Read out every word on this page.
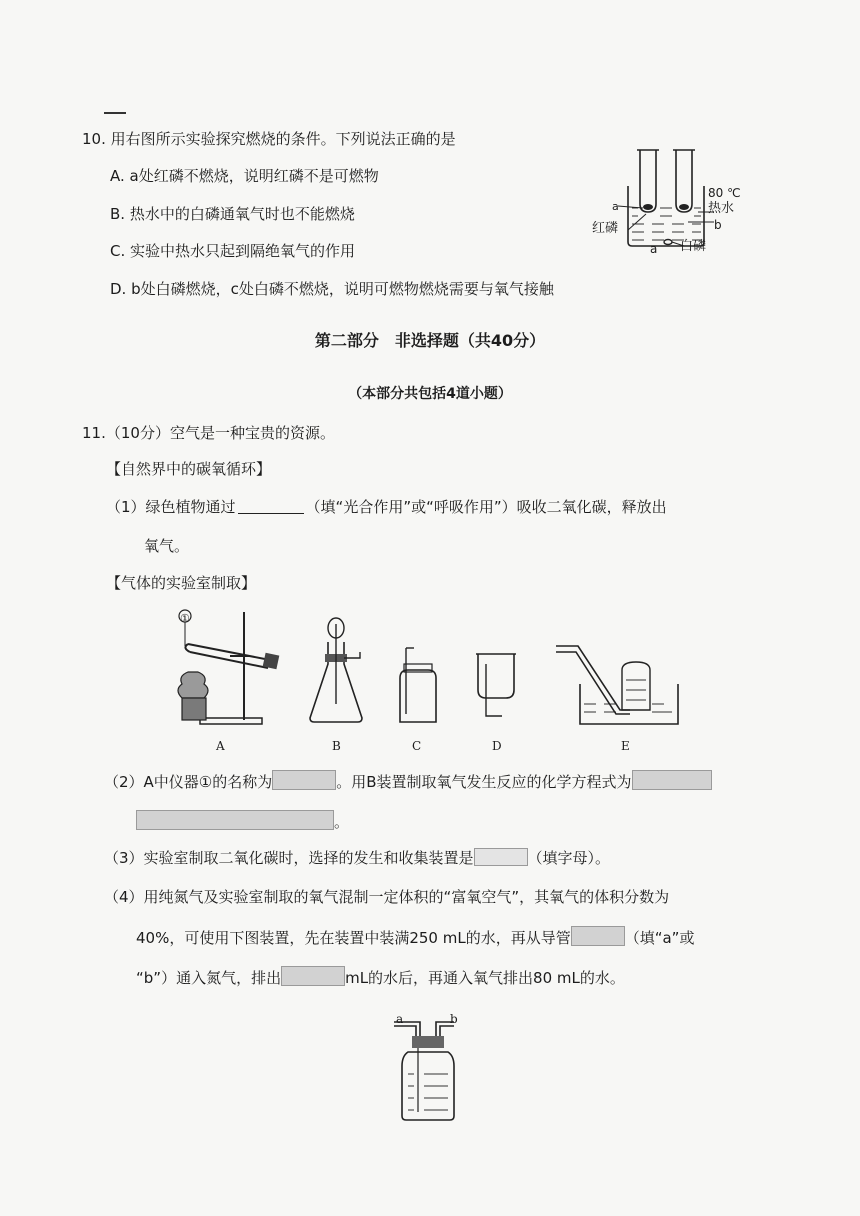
10. 用右图所示实验探究燃烧的条件。下列说法正确的是
A. a处红磷不燃烧，说明红磷不是可燃物
B. 热水中的白磷通氧气时也不能燃烧
C. 实验中热水只起到隔绝氧气的作用
D. b处白磷燃烧，c处白磷不燃烧，说明可燃物燃烧需要与氧气接触
80 ℃
热水
a
b
红磷
a 白磷
第二部分　非选择题（共40分）
（本部分共包括4道小题）
11.（10分）空气是一种宝贵的资源。
【自然界中的碳氧循环】
（1）绿色植物通过	（填“光合作用”或“呼吸作用”）吸收二氧化碳，释放出
氧气。
【气体的实验室制取】
①
A	B	C	D	E
（2）A中仪器①的名称为	。用B装置制取氧气发生反应的化学方程式为
。
（3）实验室制取二氧化碳时，选择的发生和收集装置是	（填字母）。
（4）用纯氮气及实验室制取的氧气混制一定体积的“富氧空气”，其氧气的体积分数为
40%，可使用下图装置，先在装置中装满250 mL的水，再从导管	（填“a”或
“b”）通入氮气，排出	mL的水后，再通入氧气排出80 mL的水。
a	b
